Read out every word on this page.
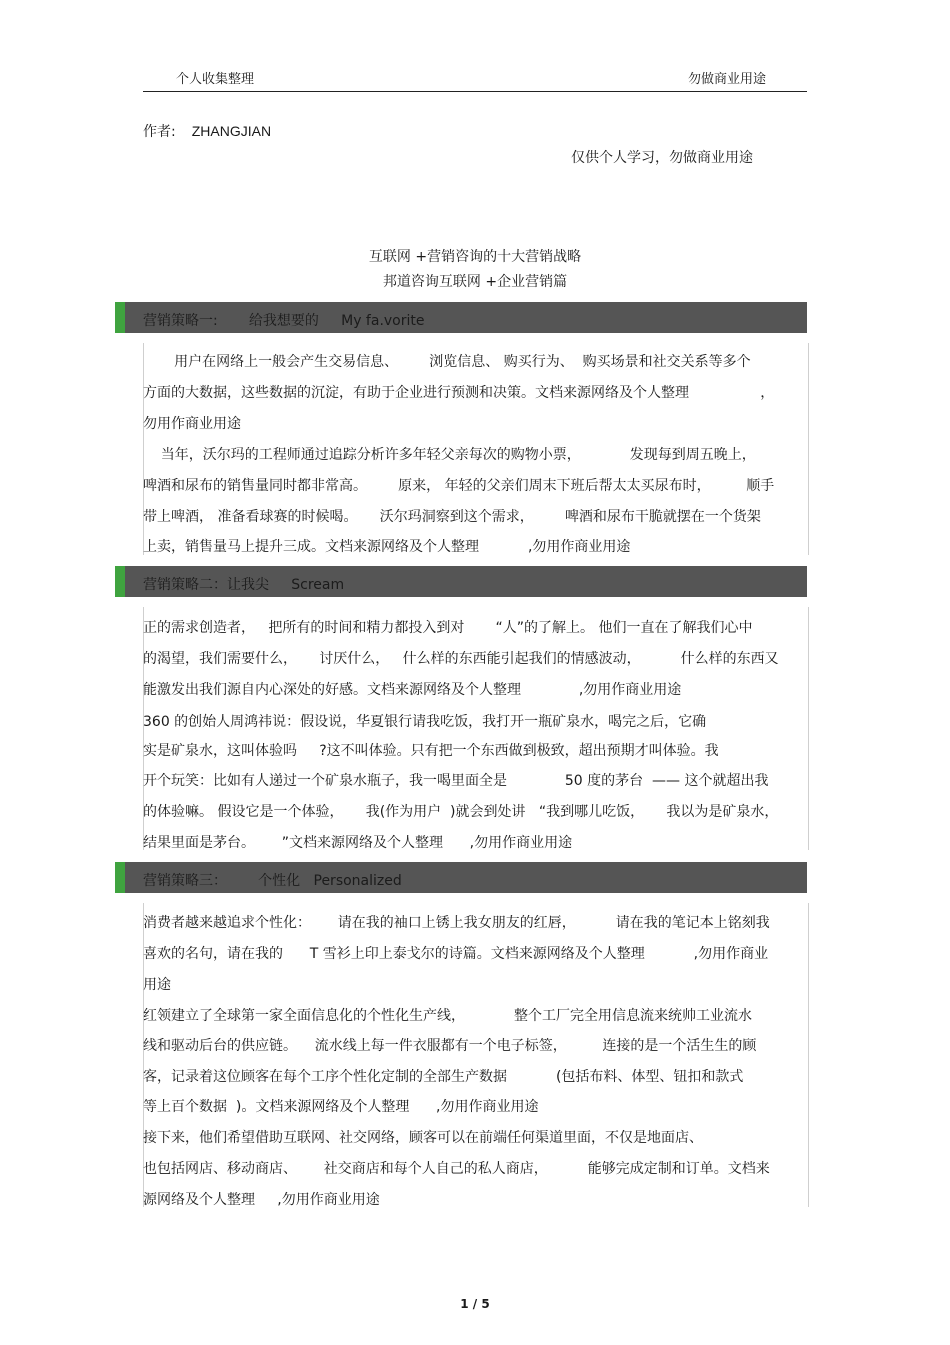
个人收集整理	勿做商业用途
作者: ZHANGJIAN
仅供个人学习，勿做商业用途
互联网 +营销咨询的十大营销战略
邦道咨询互联网 +企业营销篇
营销策略一:       给我想要的     My fa.vorite
用户在网络上一般会产生交易信息、       浏览信息、 购买行为、  购买场景和社交关系等多个
方面的大数据，这些数据的沉淀，有助于企业进行预测和决策。文档来源网络及个人整理                ，
勿用作商业用途
当年，沃尔玛的工程师通过追踪分析许多年轻父亲每次的购物小票，           发现每到周五晚上，
啤酒和尿布的销售量同时都非常高。       原来， 年轻的父亲们周末下班后帮太太买尿布时，        顺手
带上啤酒， 准备看球赛的时候喝。     沃尔玛洞察到这个需求，       啤酒和尿布干脆就摆在一个货架
上卖，销售量马上提升三成。文档来源网络及个人整理           ,勿用作商业用途
营销策略二：让我尖     Scream
正的需求创造者，   把所有的时间和精力都投入到对       “人”的了解上。 他们一直在了解我们心中
的渴望，我们需要什么，     讨厌什么，   什么样的东西能引起我们的情感波动，         什么样的东西又
能激发出我们源自内心深处的好感。文档来源网络及个人整理             ,勿用作商业用途
360 的创始人周鸿祎说：假设说，华夏银行请我吃饭，我打开一瓶矿泉水，喝完之后，它确
实是矿泉水，这叫体验吗     ?这不叫体验。只有把一个东西做到极致，超出预期才叫体验。我
开个玩笑：比如有人递过一个矿泉水瓶子，我一喝里面全是             50 度的茅台  —— 这个就超出我
的体验嘛。 假设它是一个体验，     我(作为用户  )就会到处讲   “我到哪儿吃饭，     我以为是矿泉水，
结果里面是茅台。      ”文档来源网络及个人整理      ,勿用作商业用途
营销策略三：       个性化   Personalized
消费者越来越追求个性化：      请在我的袖口上锈上我女朋友的红唇，         请在我的笔记本上铭刻我
喜欢的名句，请在我的      T 雪衫上印上泰戈尔的诗篇。文档来源网络及个人整理           ,勿用作商业
用途
红领建立了全球第一家全面信息化的个性化生产线，           整个工厂完全用信息流来统帅工业流水
线和驱动后台的供应链。    流水线上每一件衣服都有一个电子标签，        连接的是一个活生生的顾
客，记录着这位顾客在每个工序个性化定制的全部生产数据           (包括布料、体型、钮扣和款式
等上百个数据  )。文档来源网络及个人整理      ,勿用作商业用途
接下来，他们希望借助互联网、社交网络，顾客可以在前端任何渠道里面，不仅是地面店、
也包括网店、移动商店、      社交商店和每个人自己的私人商店，         能够完成定制和订单。文档来
源网络及个人整理     ,勿用作商业用途
1 / 5
